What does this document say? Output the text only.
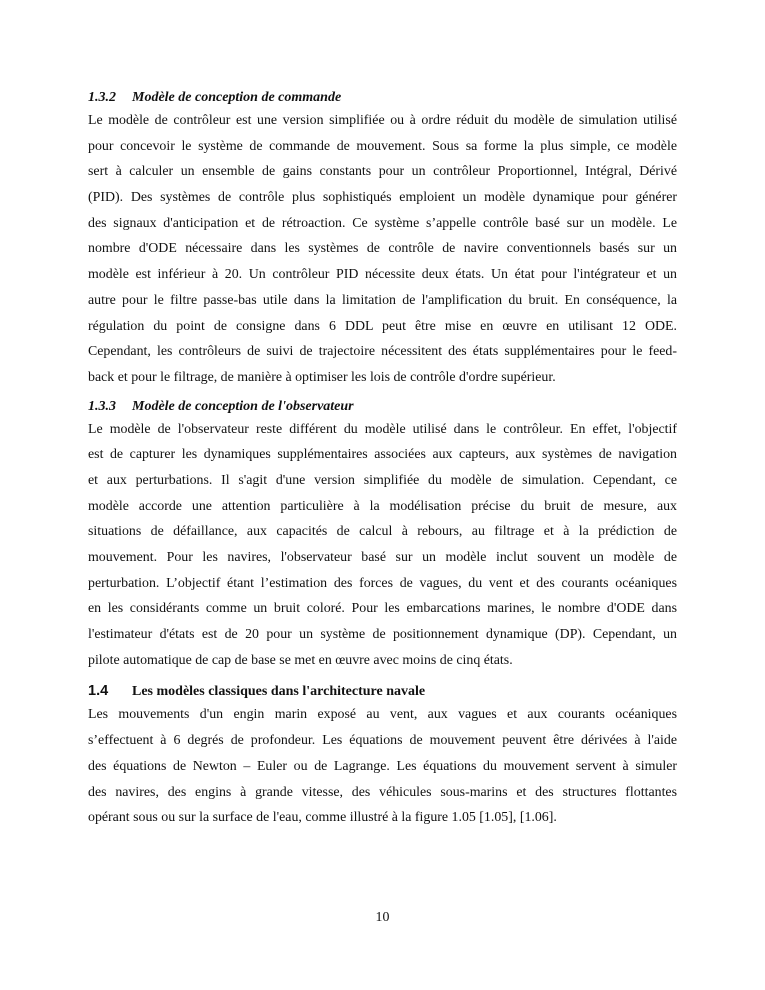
1.3.2 Modèle de conception de commande
Le modèle de contrôleur est une version simplifiée ou à ordre réduit du modèle de simulation utilisé
pour concevoir le système de commande de mouvement. Sous sa forme la plus simple, ce modèle
sert à calculer un ensemble de gains constants pour un contrôleur Proportionnel, Intégral, Dérivé
(PID). Des systèmes de contrôle plus sophistiqués emploient un modèle dynamique pour générer
des signaux d'anticipation et de rétroaction. Ce système s’appelle contrôle basé sur un modèle. Le
nombre d'ODE nécessaire dans les systèmes de contrôle de navire conventionnels basés sur un
modèle est inférieur à 20. Un contrôleur PID nécessite deux états. Un état pour l'intégrateur et un
autre pour le filtre passe-bas utile dans la limitation de l'amplification du bruit. En conséquence, la
régulation du point de consigne dans 6 DDL peut être mise en œuvre en utilisant 12 ODE.
Cependant, les contrôleurs de suivi de trajectoire nécessitent des états supplémentaires pour le feed-
back et pour le filtrage, de manière à optimiser les lois de contrôle d'ordre supérieur.
1.3.3 Modèle de conception de l'observateur
Le modèle de l'observateur reste différent du modèle utilisé dans le contrôleur. En effet, l'objectif
est de capturer les dynamiques supplémentaires associées aux capteurs, aux systèmes de navigation
et aux perturbations. Il s'agit d'une version simplifiée du modèle de simulation. Cependant, ce
modèle accorde une attention particulière à la modélisation précise du bruit de mesure, aux
situations de défaillance, aux capacités de calcul à rebours, au filtrage et à la prédiction de
mouvement. Pour les navires, l'observateur basé sur un modèle inclut souvent un modèle de
perturbation. L’objectif étant l’estimation des forces de vagues, du vent et des courants océaniques
en les considérants comme un bruit coloré. Pour les embarcations marines, le nombre d'ODE dans
l'estimateur d'états est de 20 pour un système de positionnement dynamique (DP). Cependant, un
pilote automatique de cap de base se met en œuvre avec moins de cinq états.
1.4 Les modèles classiques dans l'architecture navale
Les mouvements d'un engin marin exposé au vent, aux vagues et aux courants océaniques
s’effectuent à 6 degrés de profondeur. Les équations de mouvement peuvent être dérivées à l'aide
des équations de Newton – Euler ou de Lagrange. Les équations du mouvement servent à simuler
des navires, des engins à grande vitesse, des véhicules sous-marins et des structures flottantes
opérant sous ou sur la surface de l'eau, comme illustré à la figure 1.05 [1.05], [1.06].
10
